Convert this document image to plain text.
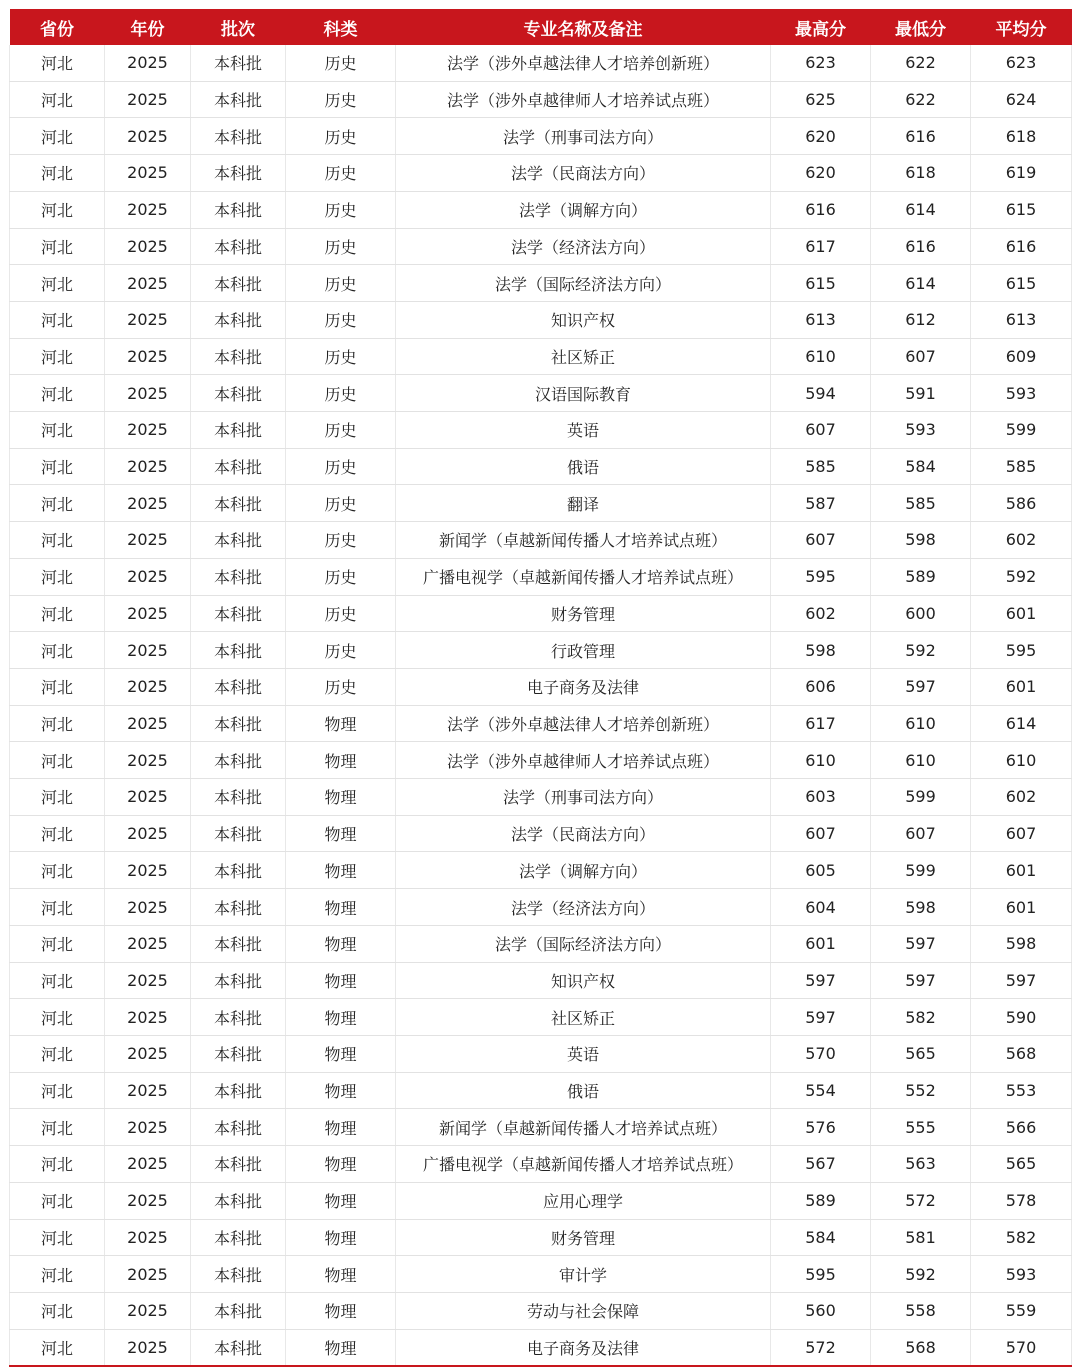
省份	年份	批次	科类	专业名称及备注	最高分	最低分	平均分
河北	2025	本科批	历史	法学（涉外卓越法律人才培养创新班）	623	622	623
河北	2025	本科批	历史	法学（涉外卓越律师人才培养试点班）	625	622	624
河北	2025	本科批	历史	法学（刑事司法方向）	620	616	618
河北	2025	本科批	历史	法学（民商法方向）	620	618	619
河北	2025	本科批	历史	法学（调解方向）	616	614	615
河北	2025	本科批	历史	法学（经济法方向）	617	616	616
河北	2025	本科批	历史	法学（国际经济法方向）	615	614	615
河北	2025	本科批	历史	知识产权	613	612	613
河北	2025	本科批	历史	社区矫正	610	607	609
河北	2025	本科批	历史	汉语国际教育	594	591	593
河北	2025	本科批	历史	英语	607	593	599
河北	2025	本科批	历史	俄语	585	584	585
河北	2025	本科批	历史	翻译	587	585	586
河北	2025	本科批	历史	新闻学（卓越新闻传播人才培养试点班）	607	598	602
河北	2025	本科批	历史	广播电视学（卓越新闻传播人才培养试点班）	595	589	592
河北	2025	本科批	历史	财务管理	602	600	601
河北	2025	本科批	历史	行政管理	598	592	595
河北	2025	本科批	历史	电子商务及法律	606	597	601
河北	2025	本科批	物理	法学（涉外卓越法律人才培养创新班）	617	610	614
河北	2025	本科批	物理	法学（涉外卓越律师人才培养试点班）	610	610	610
河北	2025	本科批	物理	法学（刑事司法方向）	603	599	602
河北	2025	本科批	物理	法学（民商法方向）	607	607	607
河北	2025	本科批	物理	法学（调解方向）	605	599	601
河北	2025	本科批	物理	法学（经济法方向）	604	598	601
河北	2025	本科批	物理	法学（国际经济法方向）	601	597	598
河北	2025	本科批	物理	知识产权	597	597	597
河北	2025	本科批	物理	社区矫正	597	582	590
河北	2025	本科批	物理	英语	570	565	568
河北	2025	本科批	物理	俄语	554	552	553
河北	2025	本科批	物理	新闻学（卓越新闻传播人才培养试点班）	576	555	566
河北	2025	本科批	物理	广播电视学（卓越新闻传播人才培养试点班）	567	563	565
河北	2025	本科批	物理	应用心理学	589	572	578
河北	2025	本科批	物理	财务管理	584	581	582
河北	2025	本科批	物理	审计学	595	592	593
河北	2025	本科批	物理	劳动与社会保障	560	558	559
河北	2025	本科批	物理	电子商务及法律	572	568	570
